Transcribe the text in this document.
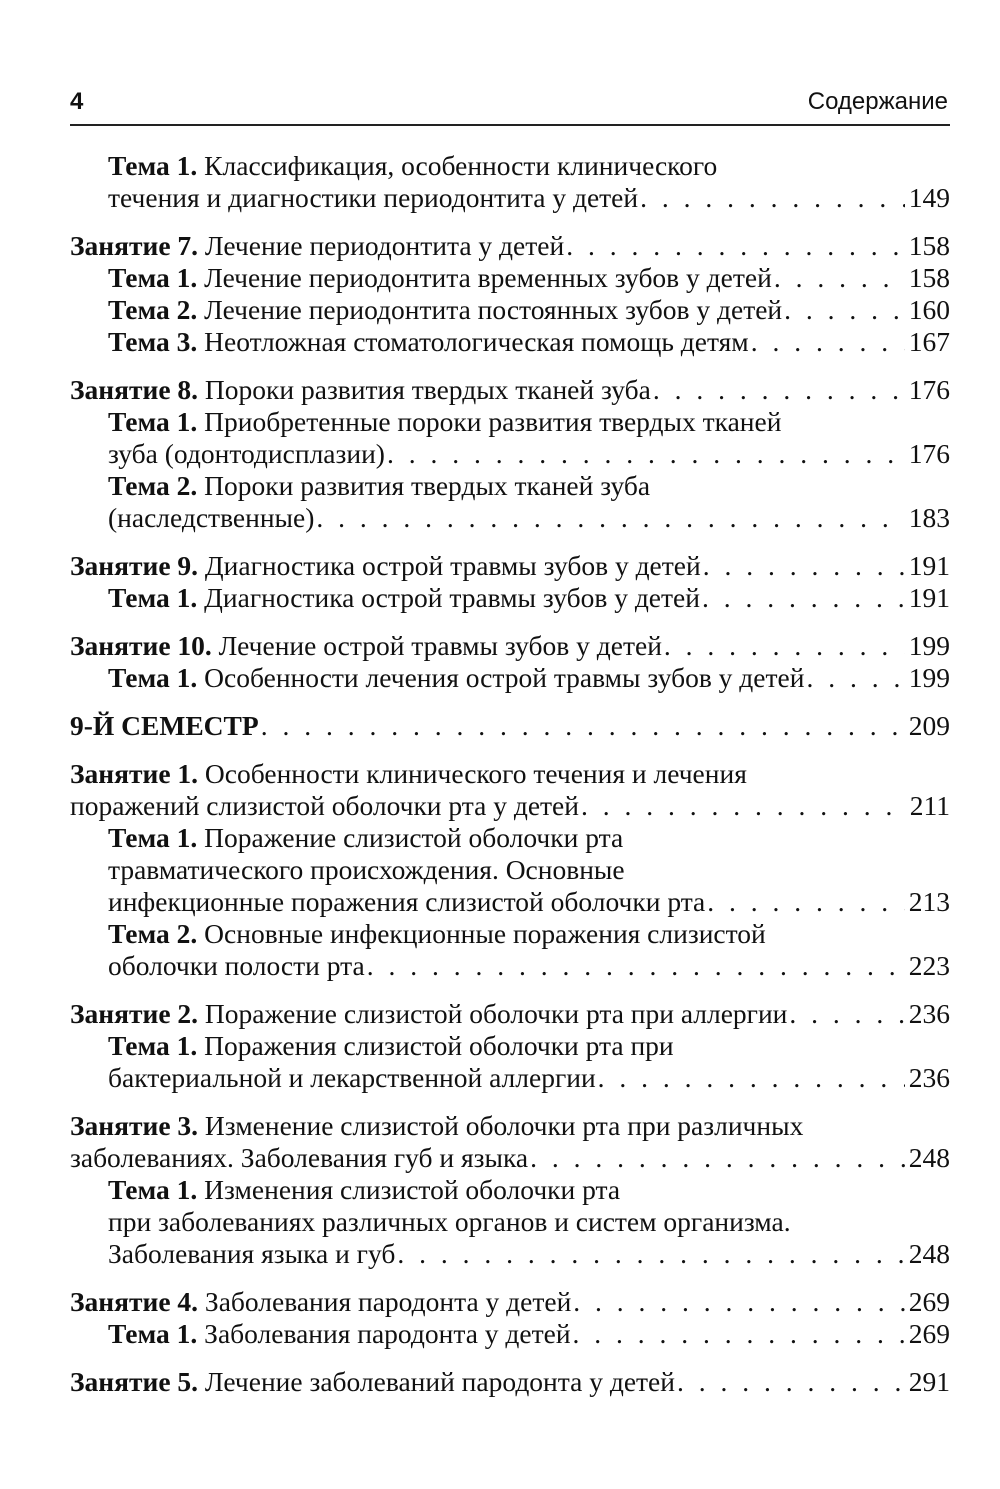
4	Содержание
Тема 1. Классификация, особенности клинического
течения и диагностики периодонтита у детей . . .	149
Занятие 7. Лечение периодонтита у детей . . .	158
Тема 1. Лечение периодонтита временных зубов у детей . . .	158
Тема 2. Лечение периодонтита постоянных зубов у детей . . .	160
Тема 3. Неотложная стоматологическая помощь детям . . .	167
Занятие 8. Пороки развития твердых тканей зуба . . .	176
Тема 1. Приобретенные пороки развития твердых тканей
зуба (одонтодисплазии) . . .	176
Тема 2. Пороки развития твердых тканей зуба
(наследственные) . . .	183
Занятие 9. Диагностика острой травмы зубов у детей . . .	191
Тема 1. Диагностика острой травмы зубов у детей . . .	191
Занятие 10. Лечение острой травмы зубов у детей . . .	199
Тема 1. Особенности лечения острой травмы зубов у детей . . .	199
9-Й СЕМЕСТР . . .	209
Занятие 1. Особенности клинического течения и лечения
поражений слизистой оболочки рта у детей . . .	211
Тема 1. Поражение слизистой оболочки рта
травматического происхождения. Основные
инфекционные поражения слизистой оболочки рта . . .	213
Тема 2. Основные инфекционные поражения слизистой
оболочки полости рта . . .	223
Занятие 2. Поражение слизистой оболочки рта при аллергии . . .	236
Тема 1. Поражения слизистой оболочки рта при
бактериальной и лекарственной аллергии . . .	236
Занятие 3. Изменение слизистой оболочки рта при различных
заболеваниях. Заболевания губ и языка . . .	248
Тема 1. Изменения слизистой оболочки рта
при заболеваниях различных органов и систем организма.
Заболевания языка и губ . . .	248
Занятие 4. Заболевания пародонта у детей . . .	269
Тема 1. Заболевания пародонта у детей . . .	269
Занятие 5. Лечение заболеваний пародонта у детей . . .	291
